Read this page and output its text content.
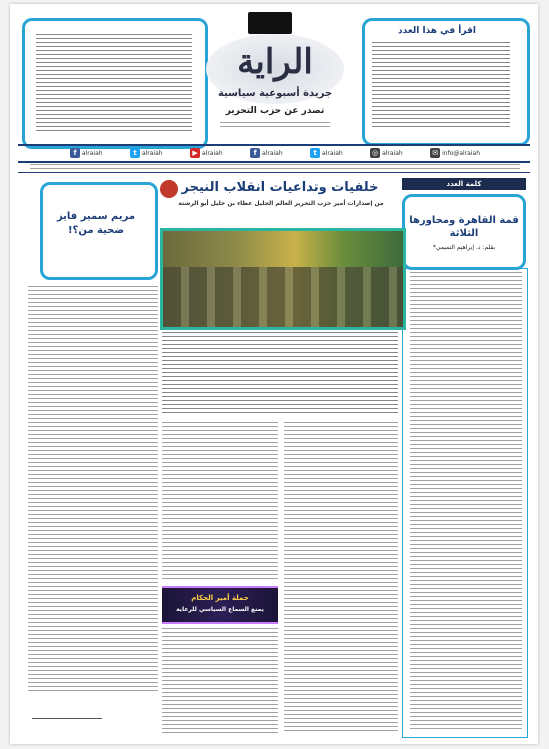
الراية
جريدة أسبوعية سياسية
تصدر عن حزب التحرير
اقرأ في هذا العدد
f alraiah	t alraiah	▶ alraiah	f alraiah	t alraiah	◎ alraiah	✉ info@alraiah
كلمة العدد
قمة القاهرة ومحاورها الثلاثة
بقلم: د. إبراهيم التميمي*
خلفيات وتداعيات انقلاب النيجر
من إصدارات أمير حزب التحرير العالم الجليل عطاء بن خليل أبو الرشتة
مريم سمير فايز ضحية من؟!
حملة أمير الحكام
يمنع السماع السياسي للرعاية
